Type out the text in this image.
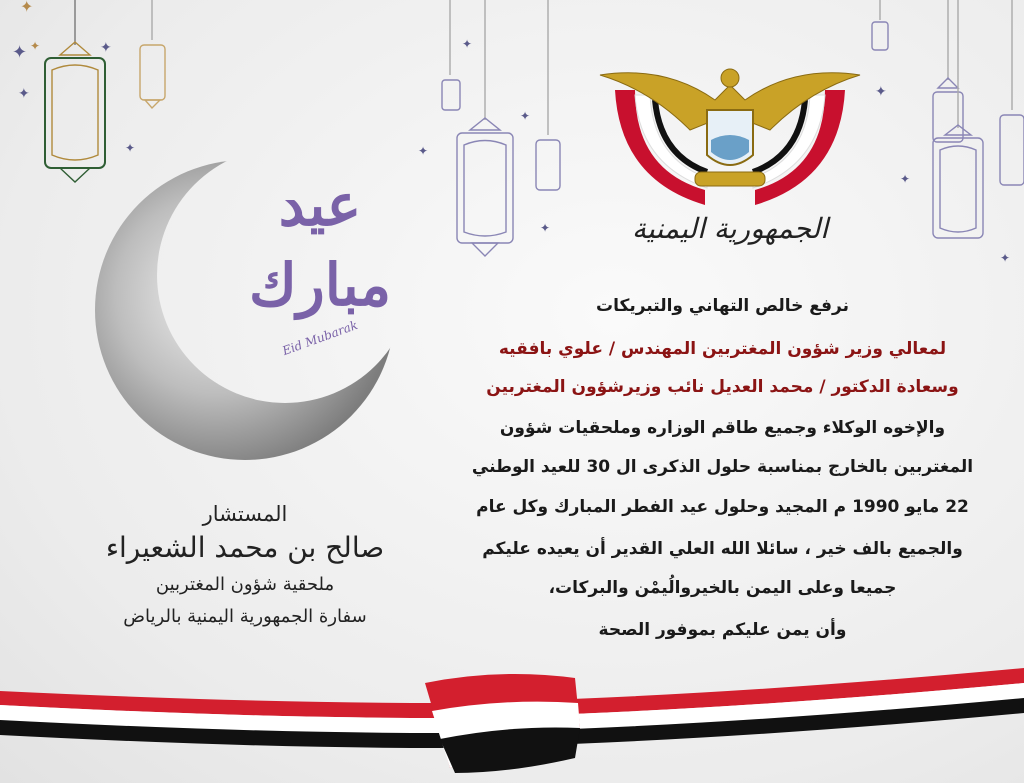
✦
✦
✦
✦
✦
✦
✦
✦
✦
✦
✦
✦
✦
عيد مبارك
Eid Mubarak
الجمهورية اليمنية
نرفع خالص التهاني والتبريكات
لمعالي وزير شؤون المغتربين المهندس / علوي بافقيه
وسعادة الدكتور / محمد العديل نائب وزيرشؤون المغتربين
والإخوه الوكلاء وجميع طاقم الوزاره وملحقيات شؤون
المغتربين بالخارج بمناسبة حلول الذكرى ال 30 للعيد الوطني
22 مايو 1990 م المجيد وحلول عيد الفطر المبارك وكل عام
والجميع بالف خير ، سائلا الله العلي القدير أن يعيده عليكم
جميعا وعلى اليمن بالخيروالُيمْن والبركات،
وأن يمن عليكم بموفور الصحة
المستشار
صالح بن محمد الشعيراء
ملحقية شؤون المغتربين
سفارة الجمهورية اليمنية بالرياض
